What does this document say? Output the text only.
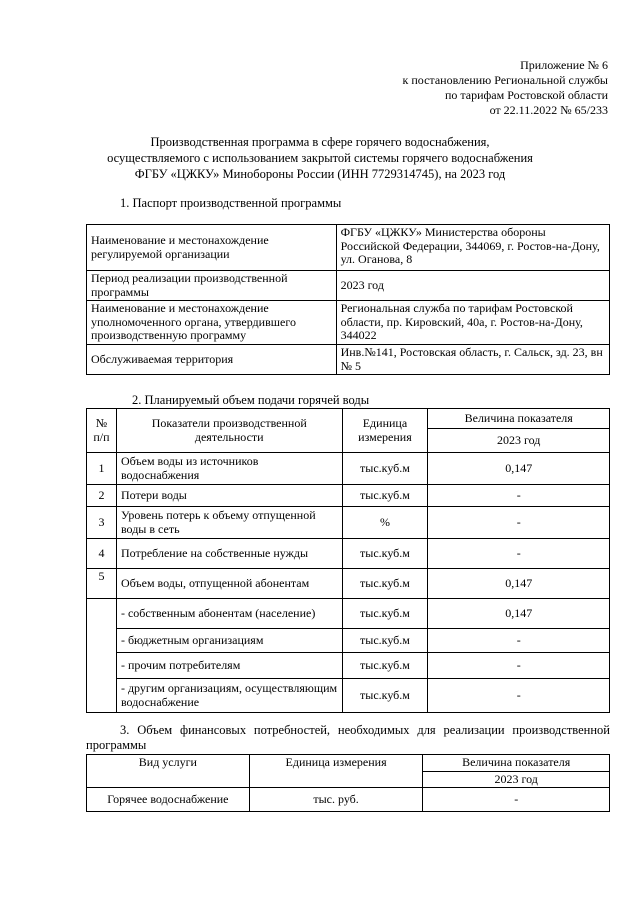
Приложение № 6
к постановлению Региональной службы
по тарифам Ростовской области
от 22.11.2022 № 65/233
Производственная программа в сфере горячего водоснабжения,
осуществляемого с использованием закрытой системы горячего водоснабжения
ФГБУ «ЦЖКУ» Минобороны России (ИНН 7729314745), на 2023 год
1. Паспорт производственной программы
Наименование и местонахождение регулируемой организации	ФГБУ «ЦЖКУ» Министерства обороны Российской Федерации, 344069, г. Ростов-на-Дону, ул. Оганова, 8
Период реализации производственной программы	2023 год
Наименование и местонахождение уполномоченного органа, утвердившего производственную программу	Региональная служба по тарифам Ростовской области, пр. Кировский, 40а, г. Ростов-на-Дону, 344022
Обслуживаемая территория	Инв.№141, Ростовская область, г. Сальск, зд. 23, вн № 5
2. Планируемый объем подачи горячей воды
№ п/п	Показатели производственной деятельности	Единица измерения	Величина показателя
			2023 год
1	Объем воды из источников водоснабжения	тыс.куб.м	0,147
2	Потери воды	тыс.куб.м	-
3	Уровень потерь к объему отпущенной воды в сеть	%	-
4	Потребление на собственные нужды	тыс.куб.м	-
5	Объем воды, отпущенной абонентам	тыс.куб.м	0,147
	- собственным абонентам (население)	тыс.куб.м	0,147
	- бюджетным организациям	тыс.куб.м	-
	- прочим потребителям	тыс.куб.м	-
	- другим организациям, осуществляющим водоснабжение	тыс.куб.м	-
3. Объем финансовых потребностей, необходимых для реализации производственной программы
Вид услуги	Единица измерения	Величина показателя
		2023 год
Горячее водоснабжение	тыс. руб.	-
